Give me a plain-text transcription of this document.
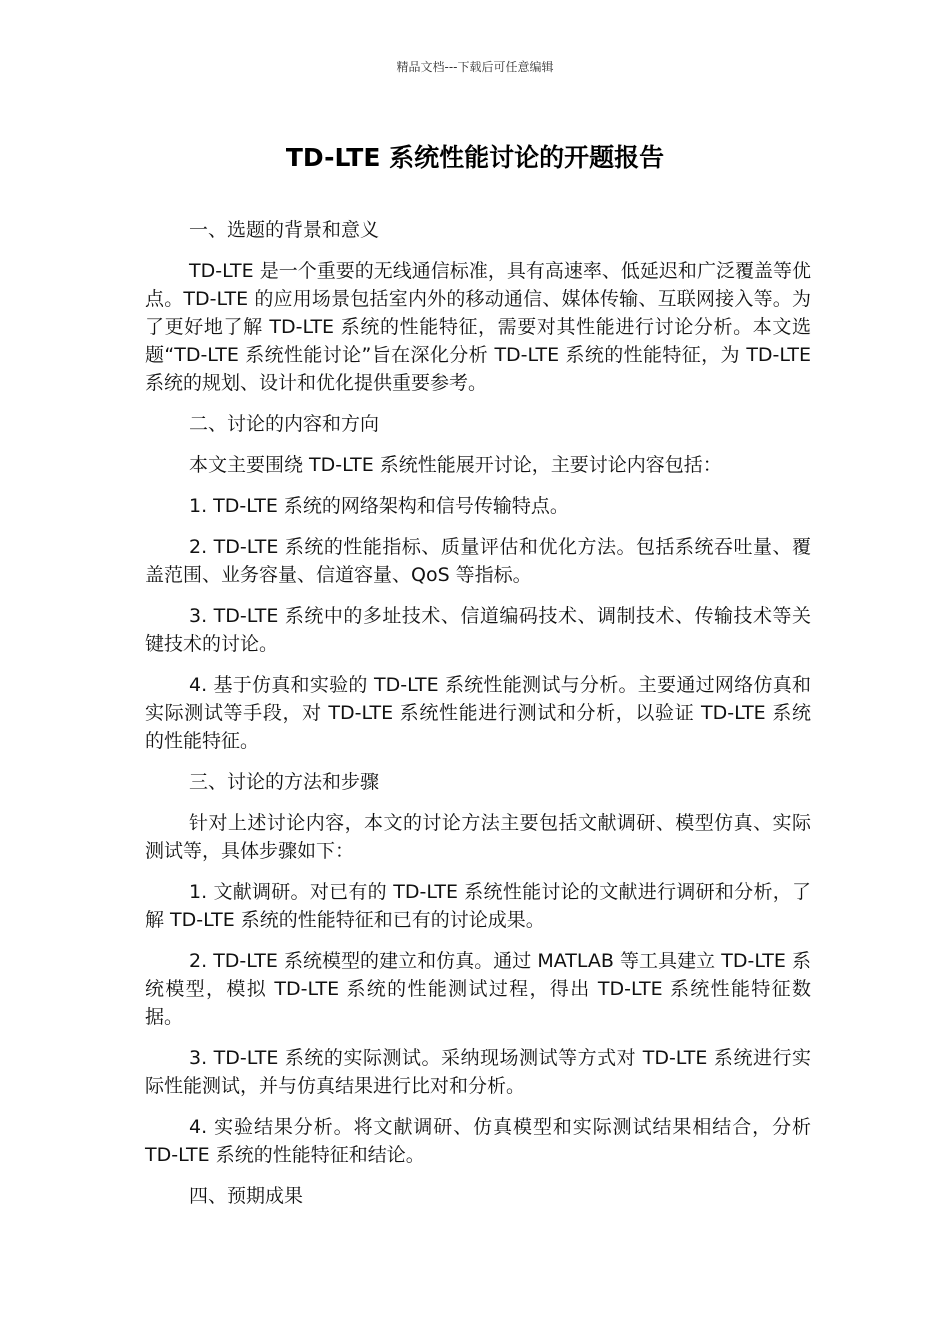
精品文档---下载后可任意编辑
TD-LTE 系统性能讨论的开题报告

一、选题的背景和意义

TD-LTE 是一个重要的无线通信标准，具有高速率、低延迟和广泛覆盖等优点。TD-LTE 的应用场景包括室内外的移动通信、媒体传输、互联网接入等。为了更好地了解 TD-LTE 系统的性能特征，需要对其性能进行讨论分析。本文选题“TD-LTE 系统性能讨论”旨在深化分析 TD-LTE 系统的性能特征，为 TD-LTE 系统的规划、设计和优化提供重要参考。

二、讨论的内容和方向

本文主要围绕 TD-LTE 系统性能展开讨论，主要讨论内容包括：

1. TD-LTE 系统的网络架构和信号传输特点。

2. TD-LTE 系统的性能指标、质量评估和优化方法。包括系统吞吐量、覆盖范围、业务容量、信道容量、QoS 等指标。

3. TD-LTE 系统中的多址技术、信道编码技术、调制技术、传输技术等关键技术的讨论。

4. 基于仿真和实验的 TD-LTE 系统性能测试与分析。主要通过网络仿真和实际测试等手段，对 TD-LTE 系统性能进行测试和分析，以验证 TD-LTE 系统的性能特征。

三、讨论的方法和步骤

针对上述讨论内容，本文的讨论方法主要包括文献调研、模型仿真、实际测试等，具体步骤如下：

1. 文献调研。对已有的 TD-LTE 系统性能讨论的文献进行调研和分析，了解 TD-LTE 系统的性能特征和已有的讨论成果。

2. TD-LTE 系统模型的建立和仿真。通过 MATLAB 等工具建立 TD-LTE 系统模型，模拟 TD-LTE 系统的性能测试过程，得出 TD-LTE 系统性能特征数据。

3. TD-LTE 系统的实际测试。采纳现场测试等方式对 TD-LTE 系统进行实际性能测试，并与仿真结果进行比对和分析。

4. 实验结果分析。将文献调研、仿真模型和实际测试结果相结合，分析 TD-LTE 系统的性能特征和结论。

四、预期成果
